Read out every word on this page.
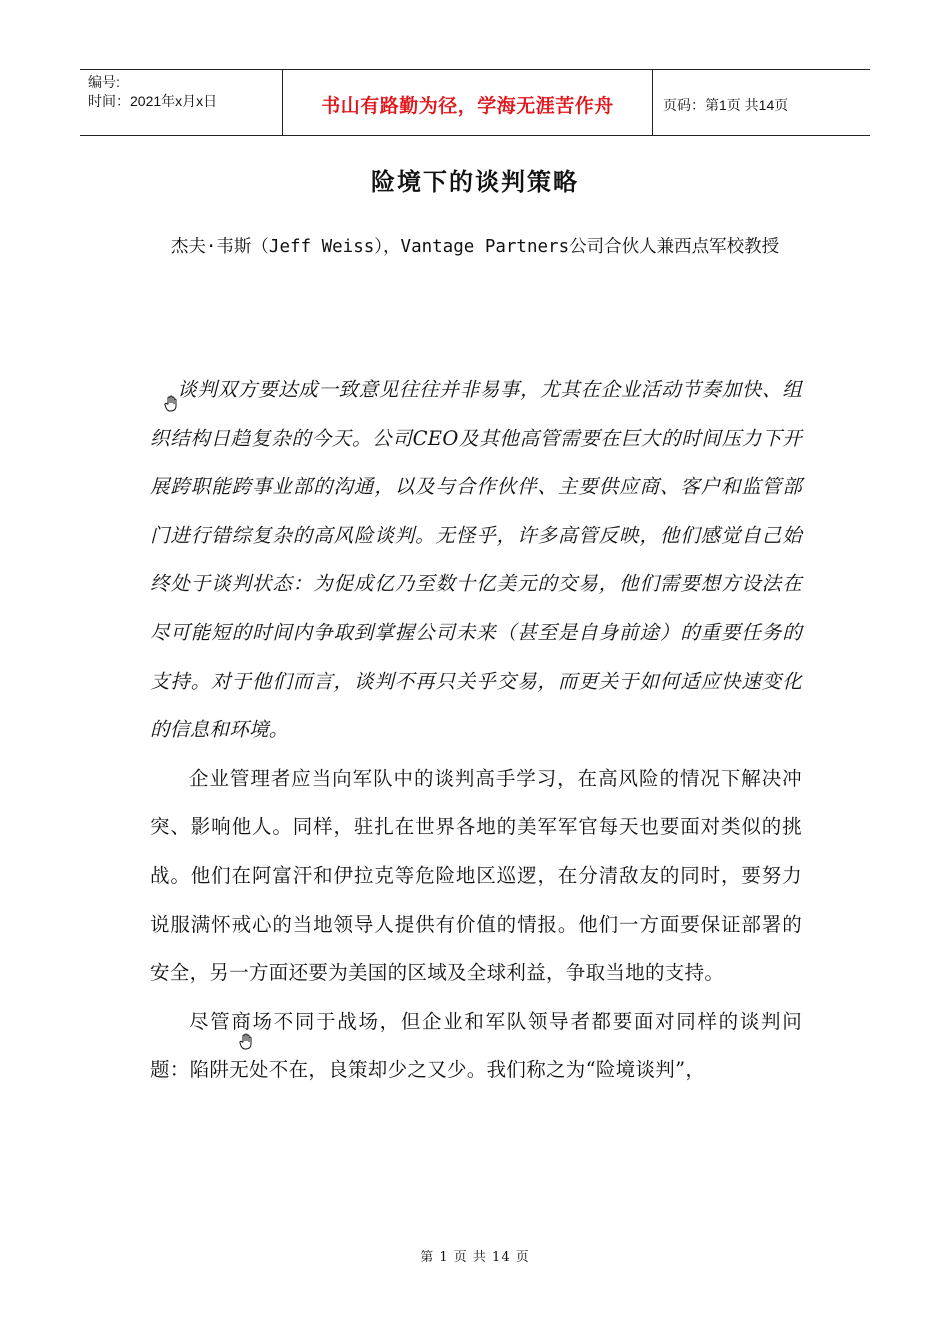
编号:
时间：2021年x月x日	书山有路勤为径，学海无涯苦作舟	页码：第1页 共14页
险境下的谈判策略

杰夫·韦斯（Jeff Weiss），Vantage Partners公司合伙人兼西点军校教授

谈判双方要达成一致意见往往并非易事，尤其在企业活动节奏加快、组织结构日趋复杂的今天。公司CEO及其他高管需要在巨大的时间压力下开展跨职能跨事业部的沟通，以及与合作伙伴、主要供应商、客户和监管部门进行错综复杂的高风险谈判。无怪乎，许多高管反映，他们感觉自己始终处于谈判状态：为促成亿乃至数十亿美元的交易，他们需要想方设法在尽可能短的时间内争取到掌握公司未来（甚至是自身前途）的重要任务的支持。对于他们而言，谈判不再只关乎交易，而更关于如何适应快速变化的信息和环境。

企业管理者应当向军队中的谈判高手学习，在高风险的情况下解决冲突、影响他人。同样，驻扎在世界各地的美军军官每天也要面对类似的挑战。他们在阿富汗和伊拉克等危险地区巡逻，在分清敌友的同时，要努力说服满怀戒心的当地领导人提供有价值的情报。他们一方面要保证部署的安全，另一方面还要为美国的区域及全球利益，争取当地的支持。

尽管商场不同于战场，但企业和军队领导者都要面对同样的谈判问题：陷阱无处不在，良策却少之又少。我们称之为“险境谈判”，

第 1 页 共 14 页
